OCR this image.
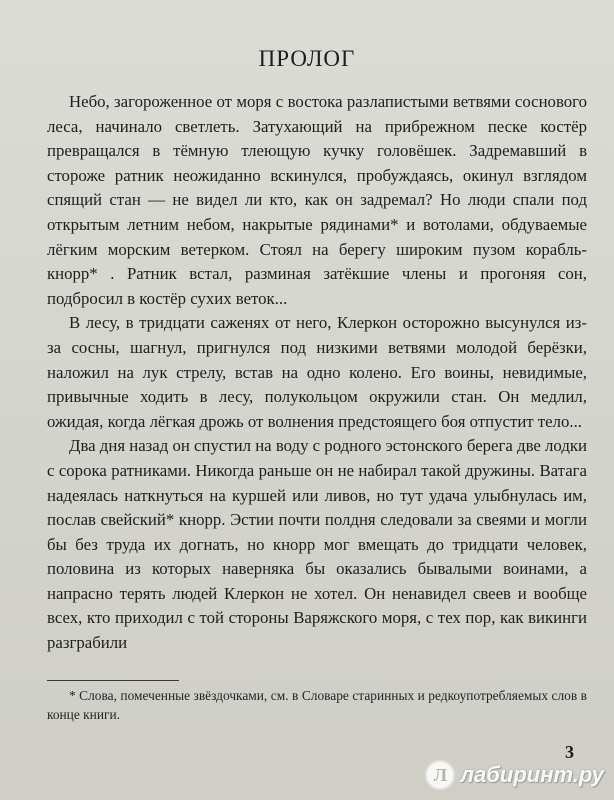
ПРОЛОГ

Небо, загороженное от моря с востока разлапистыми ветвями соснового леса, начинало светлеть. Затухающий на прибрежном песке костёр превращался в тёмную тлеющую кучку головёшек. Задремавший в стороже ратник неожиданно вскинулся, пробуждаясь, окинул взглядом спящий стан — не видел ли кто, как он задремал? Но люди спали под открытым летним небом, накрытые рядинами* и вотолами, обдуваемые лёгким морским ветерком. Стоял на берегу широким пузом корабль-кнорр* . Ратник встал, разминая затёкшие члены и прогоняя сон, подбросил в костёр сухих веток...

В лесу, в тридцати саженях от него, Клеркон осторожно высунулся из-за сосны, шагнул, пригнулся под низкими ветвями молодой берёзки, наложил на лук стрелу, встав на одно колено. Его воины, невидимые, привычные ходить в лесу, полукольцом окружили стан. Он медлил, ожидая, когда лёгкая дрожь от волнения предстоящего боя отпустит тело...

Два дня назад он спустил на воду с родного эстонского берега две лодки с сорока ратниками. Никогда раньше он не набирал такой дружины. Ватага надеялась наткнуться на куршей или ливов, но тут удача улыбнулась им, послав свейский* кнорр. Эстии почти полдня следовали за свеями и могли бы без труда их догнать, но кнорр мог вмещать до тридцати человек, половина из которых наверняка бы оказались бывалыми воинами, а напрасно терять людей Клеркон не хотел. Он ненавидел свеев и вообще всех, кто приходил с той стороны Варяжского моря, с тех пор, как викинги разграбили

* Слова, помеченные звёздочками, см. в Словаре старинных и редкоупотребляемых слов в конце книги.
3
Л лабиринт.ру
